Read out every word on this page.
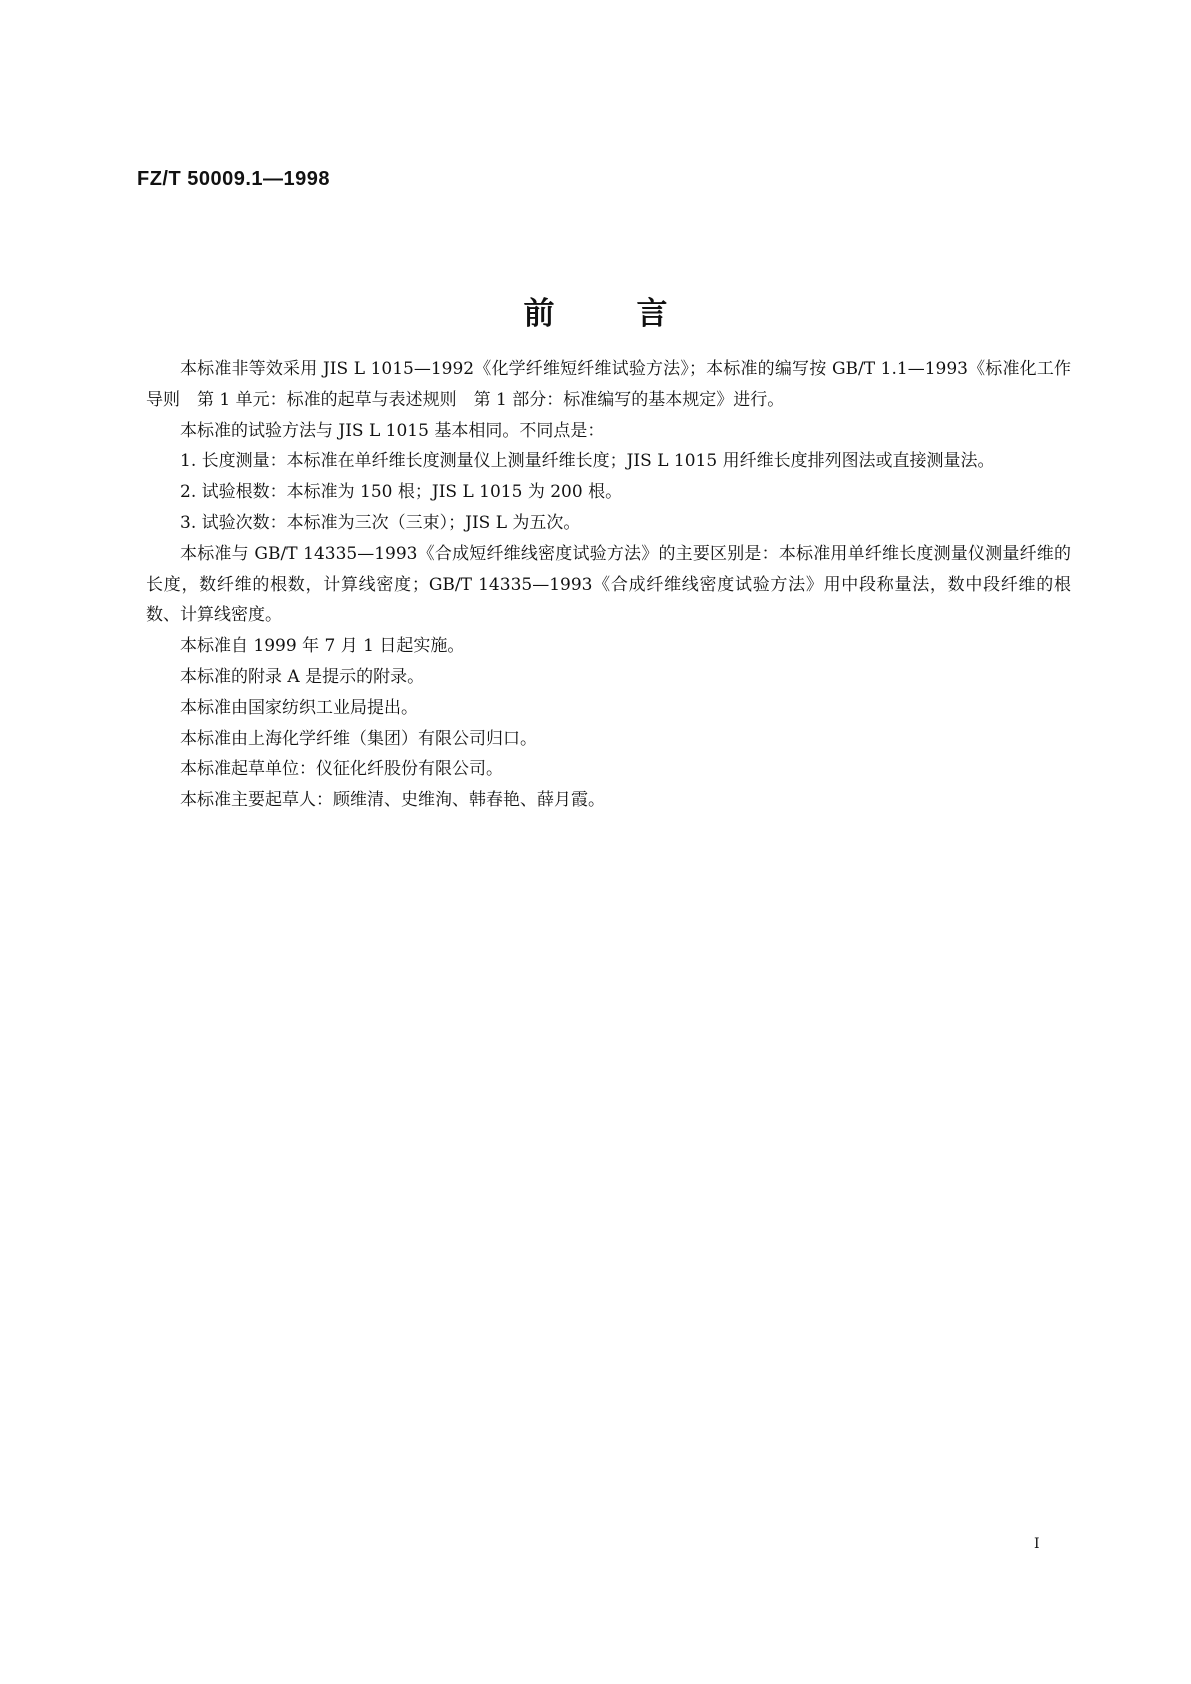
FZ/T 50009.1—1998

前言

本标准非等效采用 JIS L 1015—1992《化学纤维短纤维试验方法》；本标准的编写按 GB/T 1.1—1993《标准化工作导则　第 1 单元：标准的起草与表述规则　第 1 部分：标准编写的基本规定》进行。

本标准的试验方法与 JIS L 1015 基本相同。不同点是：

1. 长度测量：本标准在单纤维长度测量仪上测量纤维长度；JIS L 1015 用纤维长度排列图法或直接测量法。

2. 试验根数：本标准为 150 根；JIS L 1015 为 200 根。

3. 试验次数：本标准为三次（三束）；JIS L 为五次。

本标准与 GB/T 14335—1993《合成短纤维线密度试验方法》的主要区别是：本标准用单纤维长度测量仪测量纤维的长度，数纤维的根数，计算线密度；GB/T 14335—1993《合成纤维线密度试验方法》用中段称量法，数中段纤维的根数、计算线密度。

本标准自 1999 年 7 月 1 日起实施。

本标准的附录 A 是提示的附录。

本标准由国家纺织工业局提出。

本标准由上海化学纤维（集团）有限公司归口。

本标准起草单位：仪征化纤股份有限公司。

本标准主要起草人：顾维清、史维洵、韩春艳、薛月霞。

I
